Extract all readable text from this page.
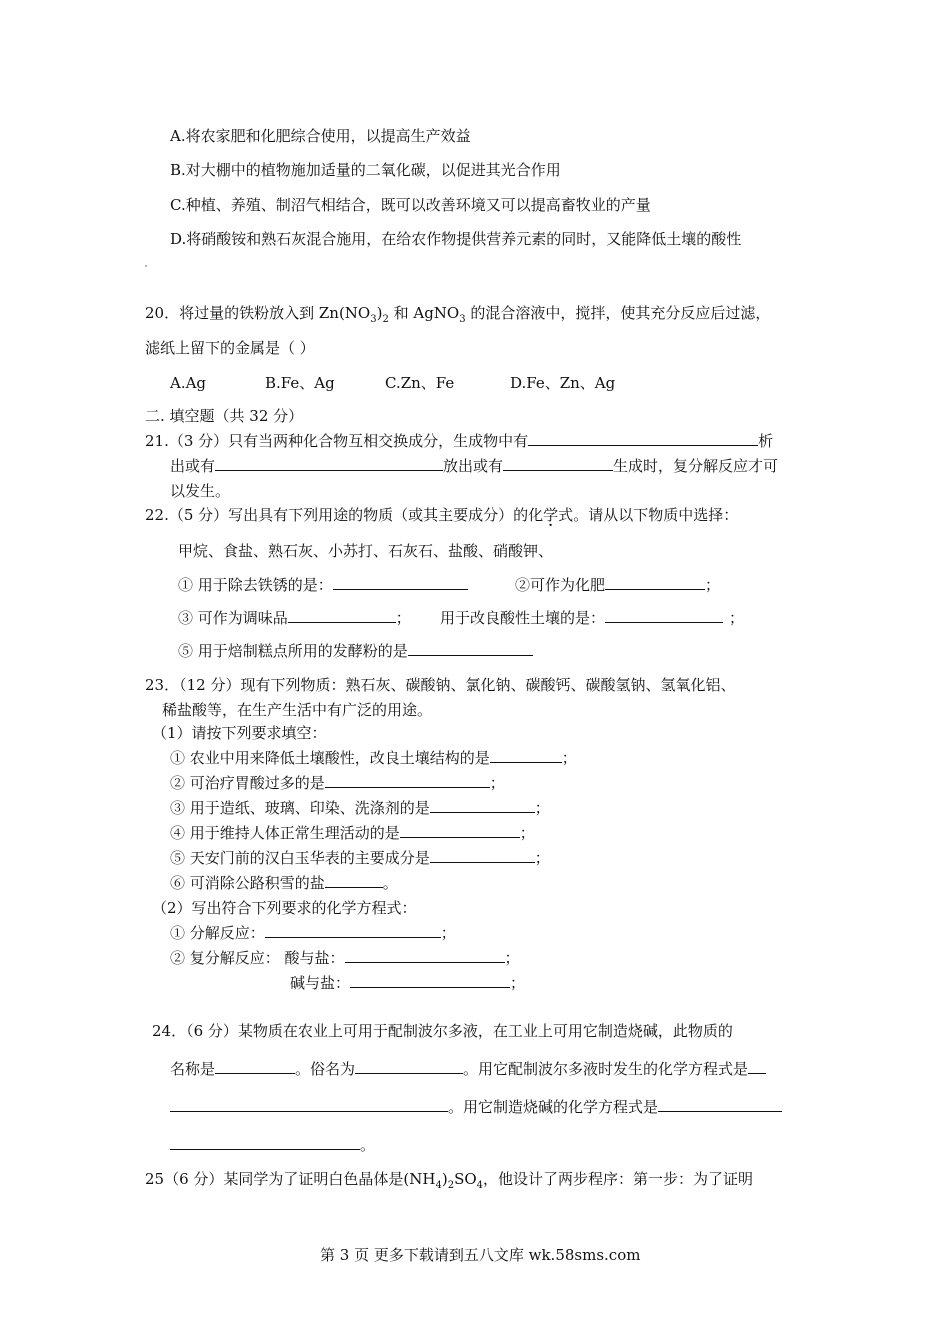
A.将农家肥和化肥综合使用，以提高生产效益
B.对大棚中的植物施加适量的二氧化碳，以促进其光合作用
C.种植、养殖、制沼气相结合，既可以改善环境又可以提高畜牧业的产量
D.将硝酸铵和熟石灰混合施用，在给农作物提供营养元素的同时，又能降低土壤的酸性
20．将过量的铁粉放入到 $Zn(NO_3)_2$ 和 AgNO$_3$ 的混合溶液中，搅拌，使其充分反应后过滤，
滤纸上留下的金属是（ ）
A.Ag	B.Fe、Ag	C.Zn、Fe	D.Fe、Zn、Ag
二. 填空题（共 32 分）
21.（3 分）只有当两种化合物互相交换成分，生成物中有	析
出或有	放出或有	生成时，复分解反应才可
以发生。
22.（5 分）写出具有下列用途的物质（或其主要成分）的化学式。请从以下物质中选择：
甲烷、食盐、熟石灰、小苏打、石灰石、盐酸、硝酸钾、
① 用于除去铁锈的是：	②可作为化肥	；
③ 可作为调味品	； 用于改良酸性土壤的是：	；
⑤ 用于焙制糕点所用的发酵粉的是
23．（12 分）现有下列物质：熟石灰、碳酸钠、氯化钠、碳酸钙、碳酸氢钠、氢氧化铝、
稀盐酸等，在生产生活中有广泛的用途。
（1）请按下列要求填空：
① 农业中用来降低土壤酸性，改良土壤结构的是	；
② 可治疗胃酸过多的是	；
③ 用于造纸、玻璃、印染、洗涤剂的是	；
④ 用于维持人体正常生理活动的是	；
⑤ 天安门前的汉白玉华表的主要成分是	；
⑥ 可消除公路积雪的盐	。
（2）写出符合下列要求的化学方程式：
① 分解反应：	；
② 复分解反应： 酸与盐：	；
碱与盐：	；
24．（6 分）某物质在农业上可用于配制波尔多液，在工业上可用它制造烧碱，此物质的
名称是	。俗名为	。用它配制波尔多液时发生的化学方程式是
。用它制造烧碱的化学方程式是
。
25（6 分）某同学为了证明白色晶体是$(NH_4)_2SO_4$，他设计了两步程序：第一步：为了证明
第 3 页 更多下载请到五八文库 wk.58sms.com
